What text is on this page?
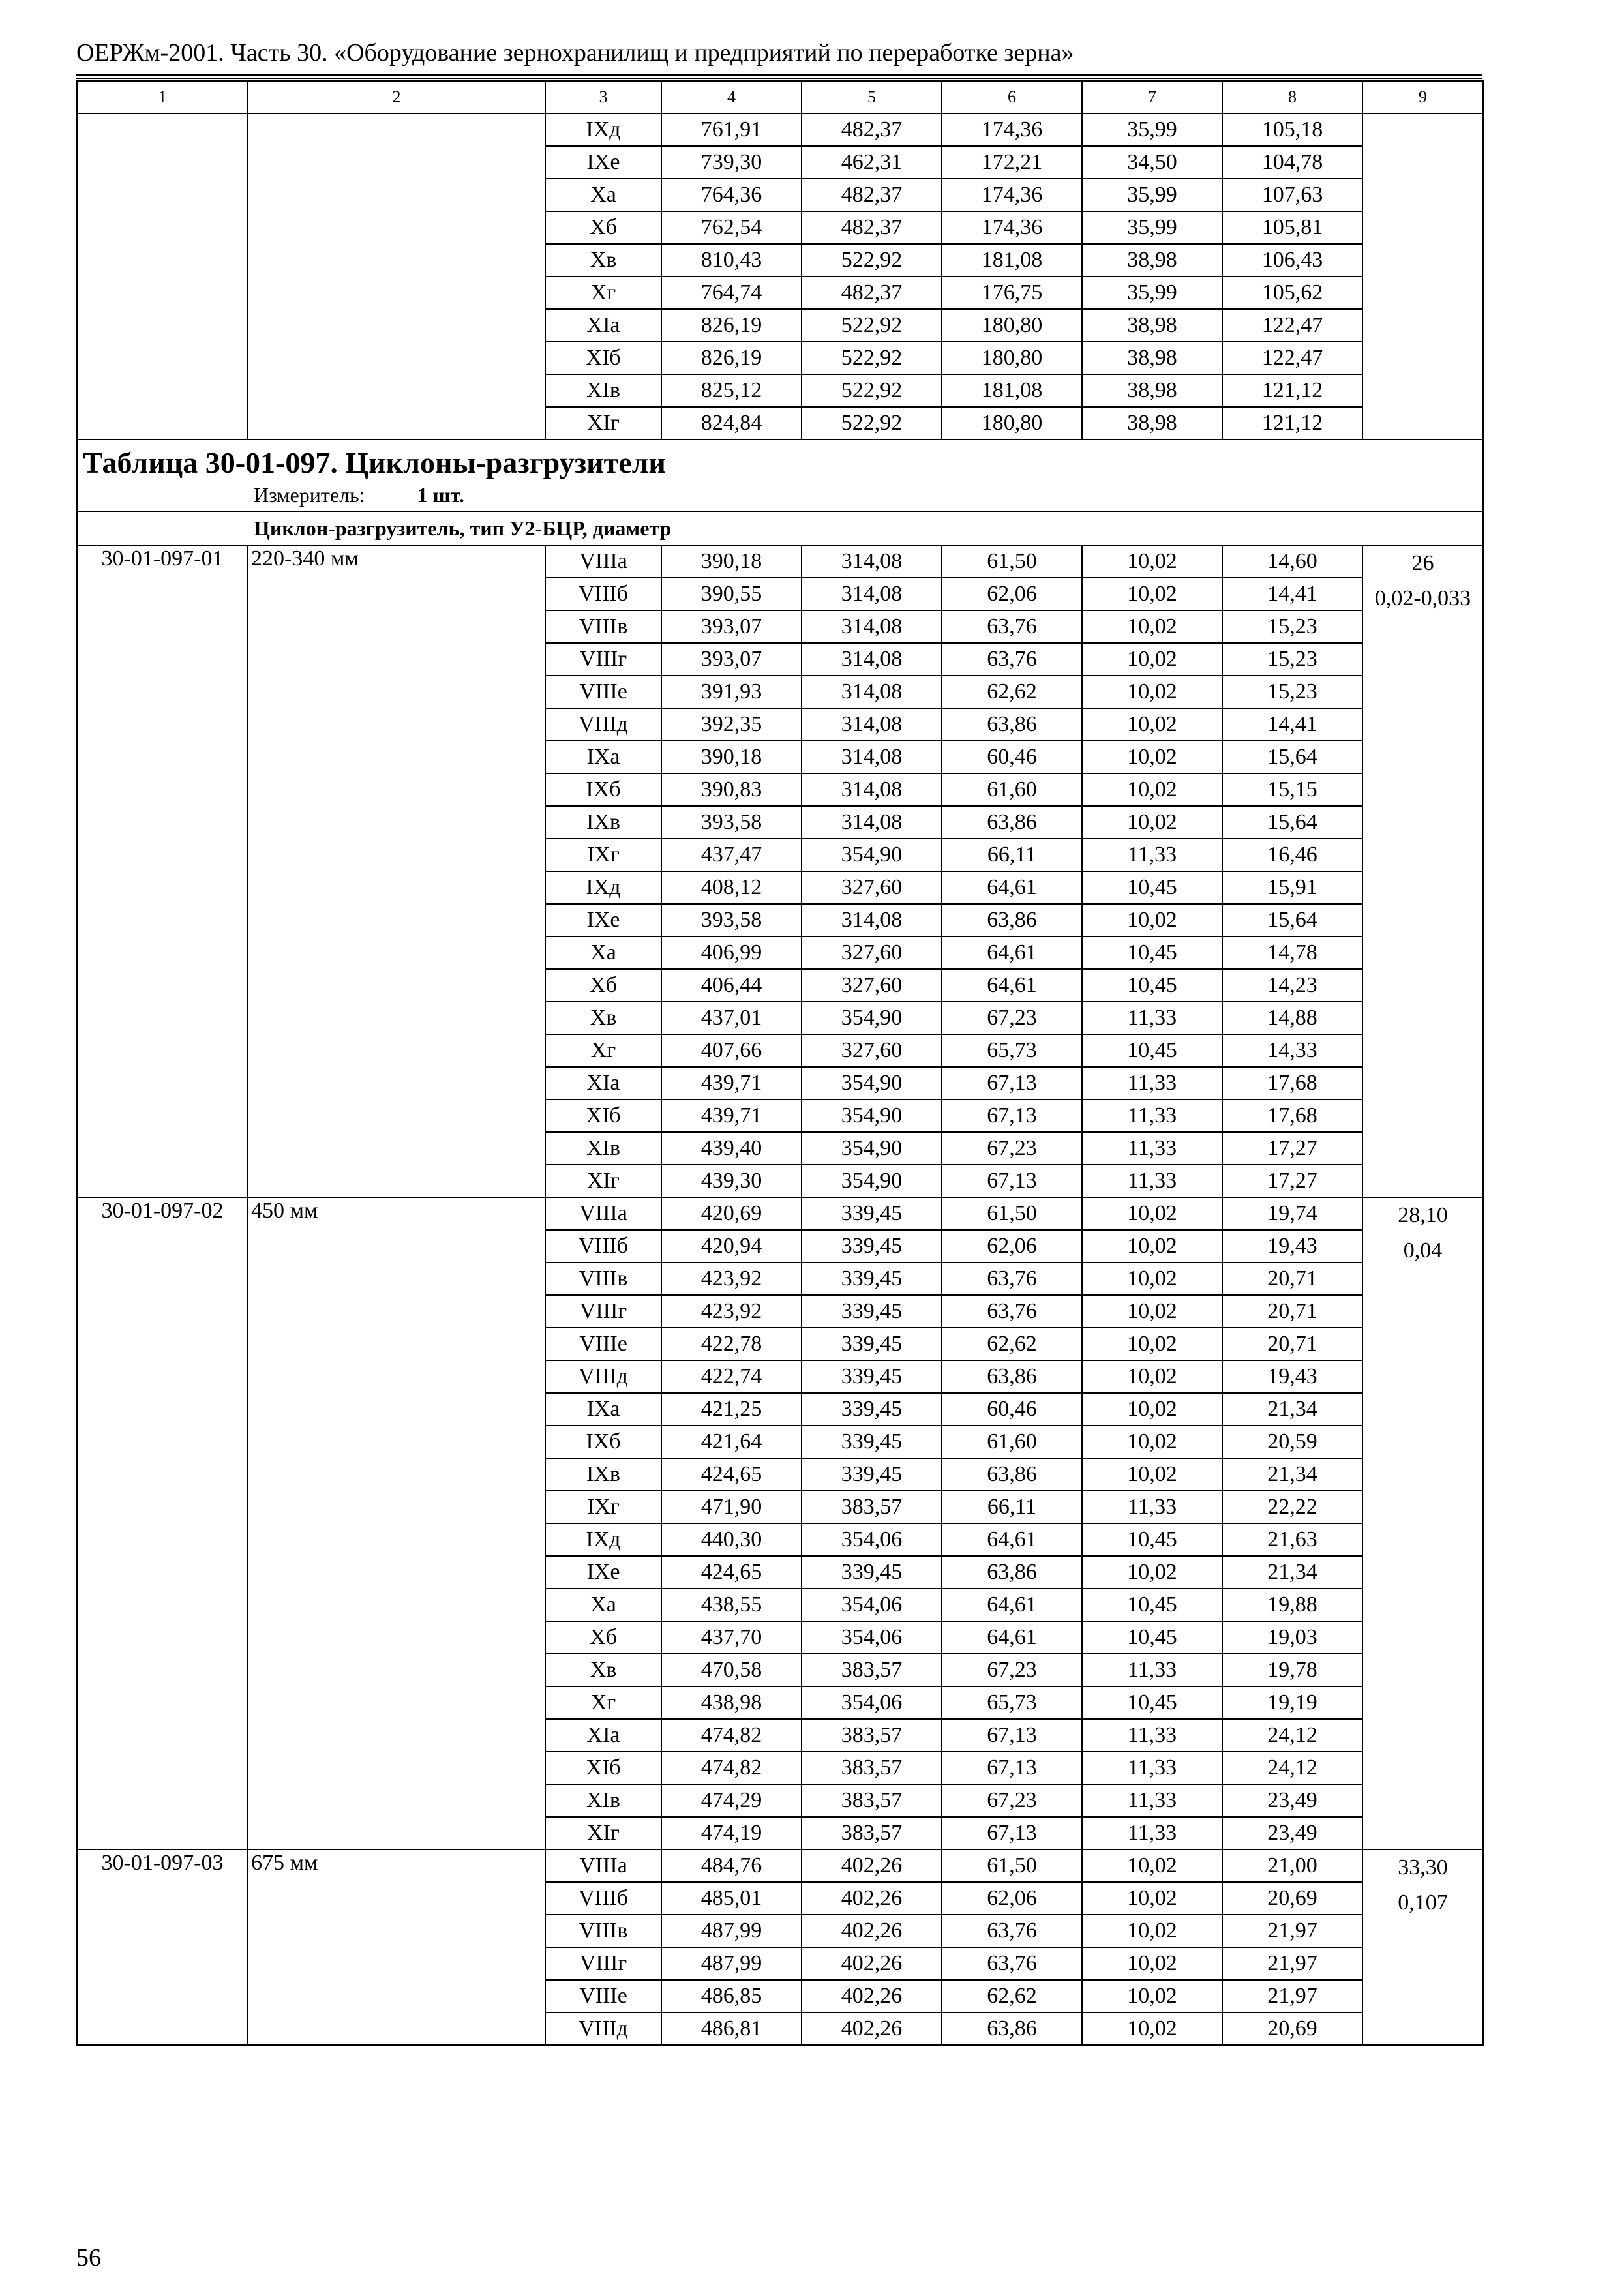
ОЕРЖм-2001. Часть 30. «Оборудование зернохранилищ и предприятий по переработке зерна»
1	2	3	4	5	6	7	8	9
		IXд	761,91	482,37	174,36	35,99	105,18	
		IXе	739,30	462,31	172,21	34,50	104,78	
		Xа	764,36	482,37	174,36	35,99	107,63	
		Xб	762,54	482,37	174,36	35,99	105,81	
		Xв	810,43	522,92	181,08	38,98	106,43	
		Xг	764,74	482,37	176,75	35,99	105,62	
		XIа	826,19	522,92	180,80	38,98	122,47	
		XIб	826,19	522,92	180,80	38,98	122,47	
		XIв	825,12	522,92	181,08	38,98	121,12	
		XIг	824,84	522,92	180,80	38,98	121,12	

Таблица 30-01-097. Циклоны-разгрузители
Измеритель: 1 шт.								

Циклон-разгрузитель, тип У2-БЦР, диаметр								
30-01-097-01	220-340 мм	VIIIа	390,18	314,08	61,50	10,02	14,60	26
0,02-0,033

		VIIIб	390,55	314,08	62,06	10,02	14,41	
		VIIIв	393,07	314,08	63,76	10,02	15,23	
		VIIIг	393,07	314,08	63,76	10,02	15,23	
		VIIIе	391,93	314,08	62,62	10,02	15,23	
		VIIIд	392,35	314,08	63,86	10,02	14,41	
		IXа	390,18	314,08	60,46	10,02	15,64	
		IXб	390,83	314,08	61,60	10,02	15,15	
		IXв	393,58	314,08	63,86	10,02	15,64	
		IXг	437,47	354,90	66,11	11,33	16,46	
		IXд	408,12	327,60	64,61	10,45	15,91	
		IXе	393,58	314,08	63,86	10,02	15,64	
		Xа	406,99	327,60	64,61	10,45	14,78	
		Xб	406,44	327,60	64,61	10,45	14,23	
		Xв	437,01	354,90	67,23	11,33	14,88	
		Xг	407,66	327,60	65,73	10,45	14,33	
		XIа	439,71	354,90	67,13	11,33	17,68	
		XIб	439,71	354,90	67,13	11,33	17,68	
		XIв	439,40	354,90	67,23	11,33	17,27	
		XIг	439,30	354,90	67,13	11,33	17,27	
30-01-097-02	450 мм	VIIIа	420,69	339,45	61,50	10,02	19,74	28,10
0,04

		VIIIб	420,94	339,45	62,06	10,02	19,43	
		VIIIв	423,92	339,45	63,76	10,02	20,71	
		VIIIг	423,92	339,45	63,76	10,02	20,71	
		VIIIе	422,78	339,45	62,62	10,02	20,71	
		VIIIд	422,74	339,45	63,86	10,02	19,43	
		IXа	421,25	339,45	60,46	10,02	21,34	
		IXб	421,64	339,45	61,60	10,02	20,59	
		IXв	424,65	339,45	63,86	10,02	21,34	
		IXг	471,90	383,57	66,11	11,33	22,22	
		IXд	440,30	354,06	64,61	10,45	21,63	
		IXе	424,65	339,45	63,86	10,02	21,34	
		Xа	438,55	354,06	64,61	10,45	19,88	
		Xб	437,70	354,06	64,61	10,45	19,03	
		Xв	470,58	383,57	67,23	11,33	19,78	
		Xг	438,98	354,06	65,73	10,45	19,19	
		XIа	474,82	383,57	67,13	11,33	24,12	
		XIб	474,82	383,57	67,13	11,33	24,12	
		XIв	474,29	383,57	67,23	11,33	23,49	
		XIг	474,19	383,57	67,13	11,33	23,49	
30-01-097-03	675 мм	VIIIа	484,76	402,26	61,50	10,02	21,00	33,30
0,107

		VIIIб	485,01	402,26	62,06	10,02	20,69	
		VIIIв	487,99	402,26	63,76	10,02	21,97	
		VIIIг	487,99	402,26	63,76	10,02	21,97	
		VIIIе	486,85	402,26	62,62	10,02	21,97	
		VIIIд	486,81	402,26	63,86	10,02	20,69	
56
